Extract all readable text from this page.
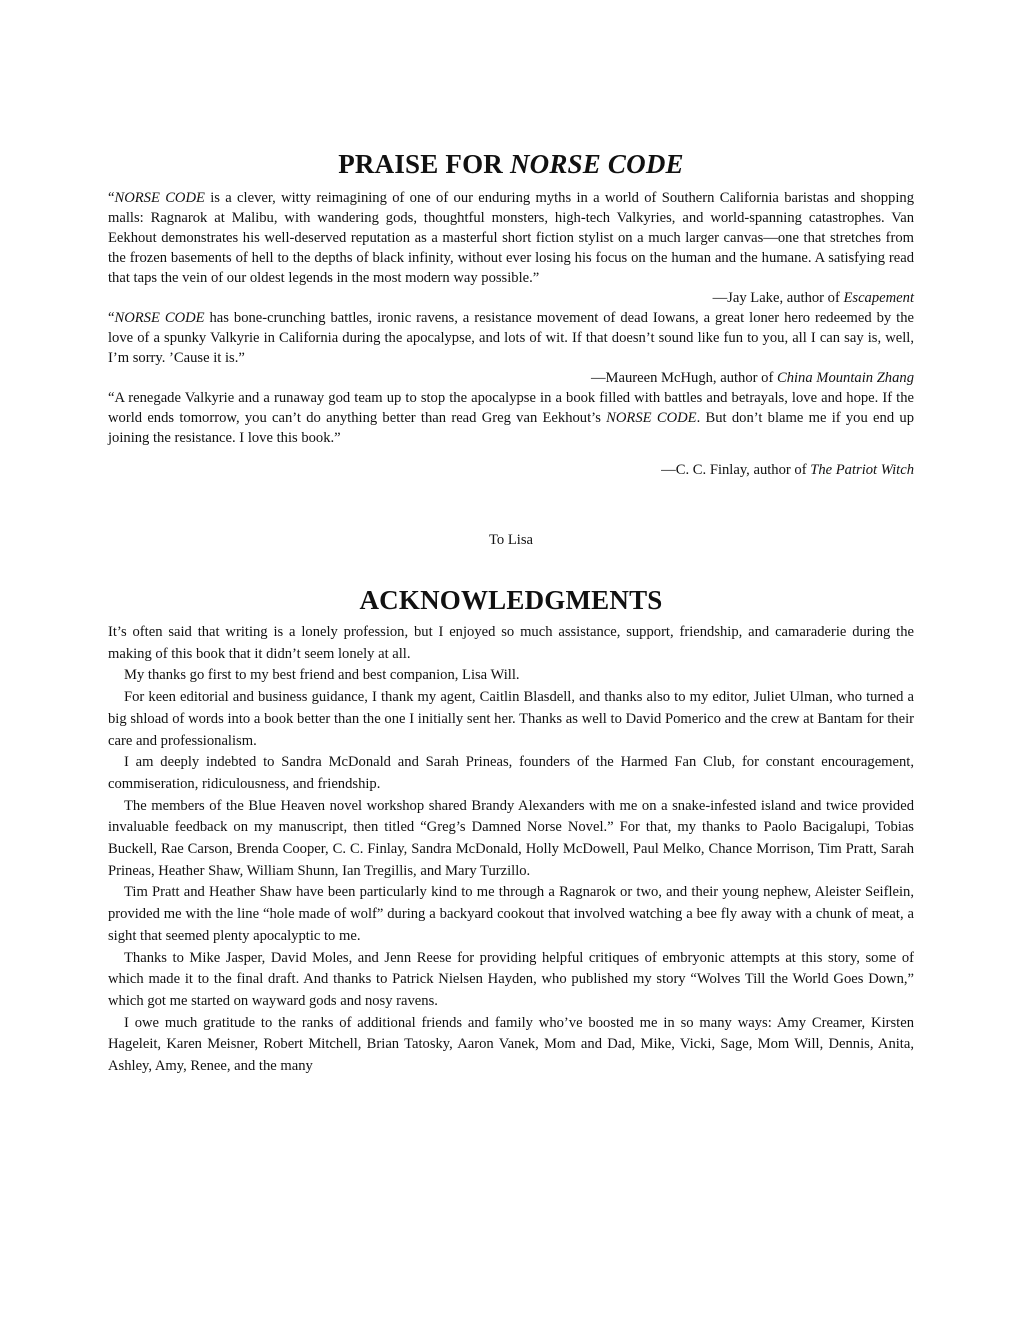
PRAISE FOR NORSE CODE

“NORSE CODE is a clever, witty reimagining of one of our enduring myths in a world of Southern California baristas and shopping malls: Ragnarok at Malibu, with wandering gods, thoughtful monsters, high-tech Valkyries, and world-spanning catastrophes. Van Eekhout demonstrates his well-deserved reputation as a masterful short fiction stylist on a much larger canvas—one that stretches from the frozen basements of hell to the depths of black infinity, without ever losing his focus on the human and the humane. A satisfying read that taps the vein of our oldest legends in the most modern way possible.”

—Jay Lake, author of Escapement

“NORSE CODE has bone-crunching battles, ironic ravens, a resistance movement of dead Iowans, a great loner hero redeemed by the love of a spunky Valkyrie in California during the apocalypse, and lots of wit. If that doesn’t sound like fun to you, all I can say is, well, I’m sorry. ’Cause it is.”

—Maureen McHugh, author of China Mountain Zhang

“A renegade Valkyrie and a runaway god team up to stop the apocalypse in a book filled with battles and betrayals, love and hope. If the world ends tomorrow, you can’t do anything better than read Greg van Eekhout’s NORSE CODE. But don’t blame me if you end up joining the resistance. I love this book.”

—C. C. Finlay, author of The Patriot Witch

To Lisa

ACKNOWLEDGMENTS

It’s often said that writing is a lonely profession, but I enjoyed so much assistance, support, friendship, and camaraderie during the making of this book that it didn’t seem lonely at all.

My thanks go first to my best friend and best companion, Lisa Will.

For keen editorial and business guidance, I thank my agent, Caitlin Blasdell, and thanks also to my editor, Juliet Ulman, who turned a big shload of words into a book better than the one I initially sent her. Thanks as well to David Pomerico and the crew at Bantam for their care and professionalism.

I am deeply indebted to Sandra McDonald and Sarah Prineas, founders of the Harmed Fan Club, for constant encouragement, commiseration, ridiculousness, and friendship.

The members of the Blue Heaven novel workshop shared Brandy Alexanders with me on a snake-infested island and twice provided invaluable feedback on my manuscript, then titled “Greg’s Damned Norse Novel.” For that, my thanks to Paolo Bacigalupi, Tobias Buckell, Rae Carson, Brenda Cooper, C. C. Finlay, Sandra McDonald, Holly McDowell, Paul Melko, Chance Morrison, Tim Pratt, Sarah Prineas, Heather Shaw, William Shunn, Ian Tregillis, and Mary Turzillo.

Tim Pratt and Heather Shaw have been particularly kind to me through a Ragnarok or two, and their young nephew, Aleister Seiflein, provided me with the line “hole made of wolf” during a backyard cookout that involved watching a bee fly away with a chunk of meat, a sight that seemed plenty apocalyptic to me.

Thanks to Mike Jasper, David Moles, and Jenn Reese for providing helpful critiques of embryonic attempts at this story, some of which made it to the final draft. And thanks to Patrick Nielsen Hayden, who published my story “Wolves Till the World Goes Down,” which got me started on wayward gods and nosy ravens.

I owe much gratitude to the ranks of additional friends and family who’ve boosted me in so many ways: Amy Creamer, Kirsten Hageleit, Karen Meisner, Robert Mitchell, Brian Tatosky, Aaron Vanek, Mom and Dad, Mike, Vicki, Sage, Mom Will, Dennis, Anita, Ashley, Amy, Renee, and the many
